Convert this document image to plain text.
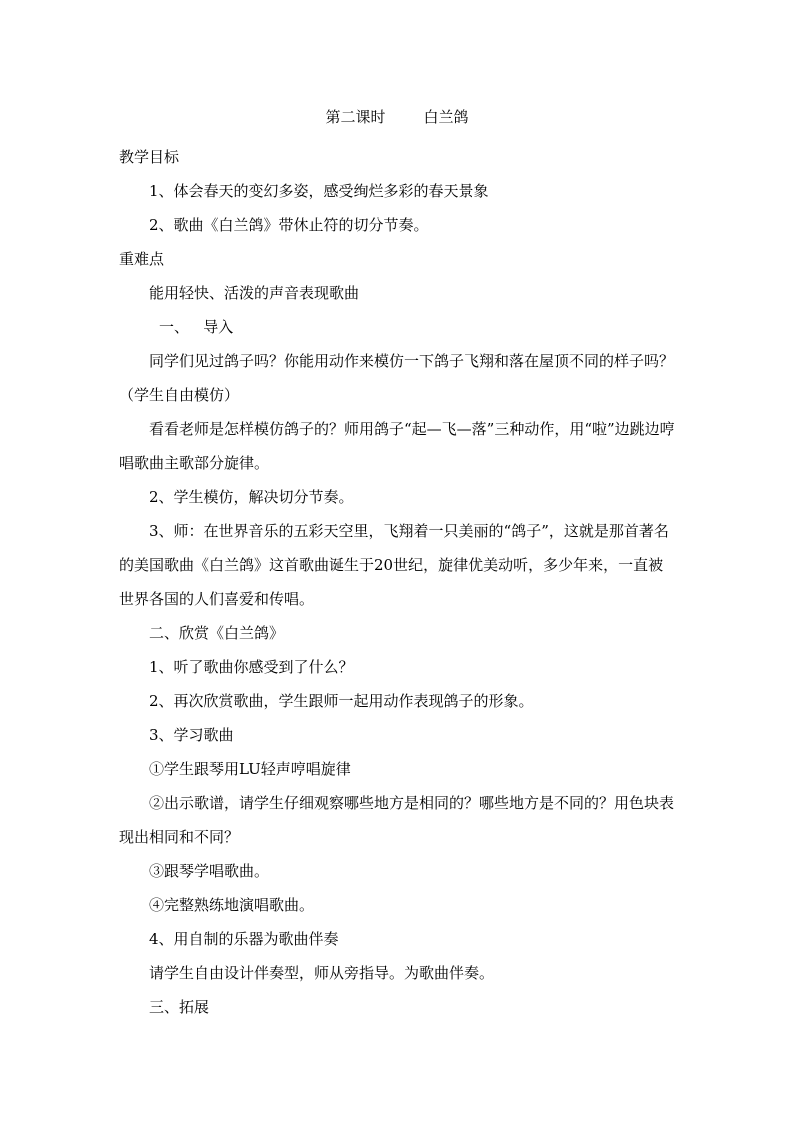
第二课时	白兰鸽
教学目标
1、体会春天的变幻多姿，感受绚烂多彩的春天景象
2、歌曲《白兰鸽》带休止符的切分节奏。
重难点
能用轻快、活泼的声音表现歌曲
一、   导入
同学们见过鸽子吗？你能用动作来模仿一下鸽子飞翔和落在屋顶不同的样子吗？（学生自由模仿）
看看老师是怎样模仿鸽子的？师用鸽子“起—飞—落”三种动作，用“啦”边跳边哼唱歌曲主歌部分旋律。
2、学生模仿，解决切分节奏。
3、师：在世界音乐的五彩天空里，飞翔着一只美丽的“鸽子”，这就是那首著名的美国歌曲《白兰鸽》这首歌曲诞生于20世纪，旋律优美动听，多少年来，一直被世界各国的人们喜爱和传唱。
二、欣赏《白兰鸽》
1、听了歌曲你感受到了什么？
2、再次欣赏歌曲，学生跟师一起用动作表现鸽子的形象。
3、学习歌曲
①学生跟琴用LU轻声哼唱旋律
②出示歌谱，请学生仔细观察哪些地方是相同的？哪些地方是不同的？用色块表现出相同和不同？
③跟琴学唱歌曲。
④完整熟练地演唱歌曲。
4、用自制的乐器为歌曲伴奏
请学生自由设计伴奏型，师从旁指导。为歌曲伴奏。
三、拓展
